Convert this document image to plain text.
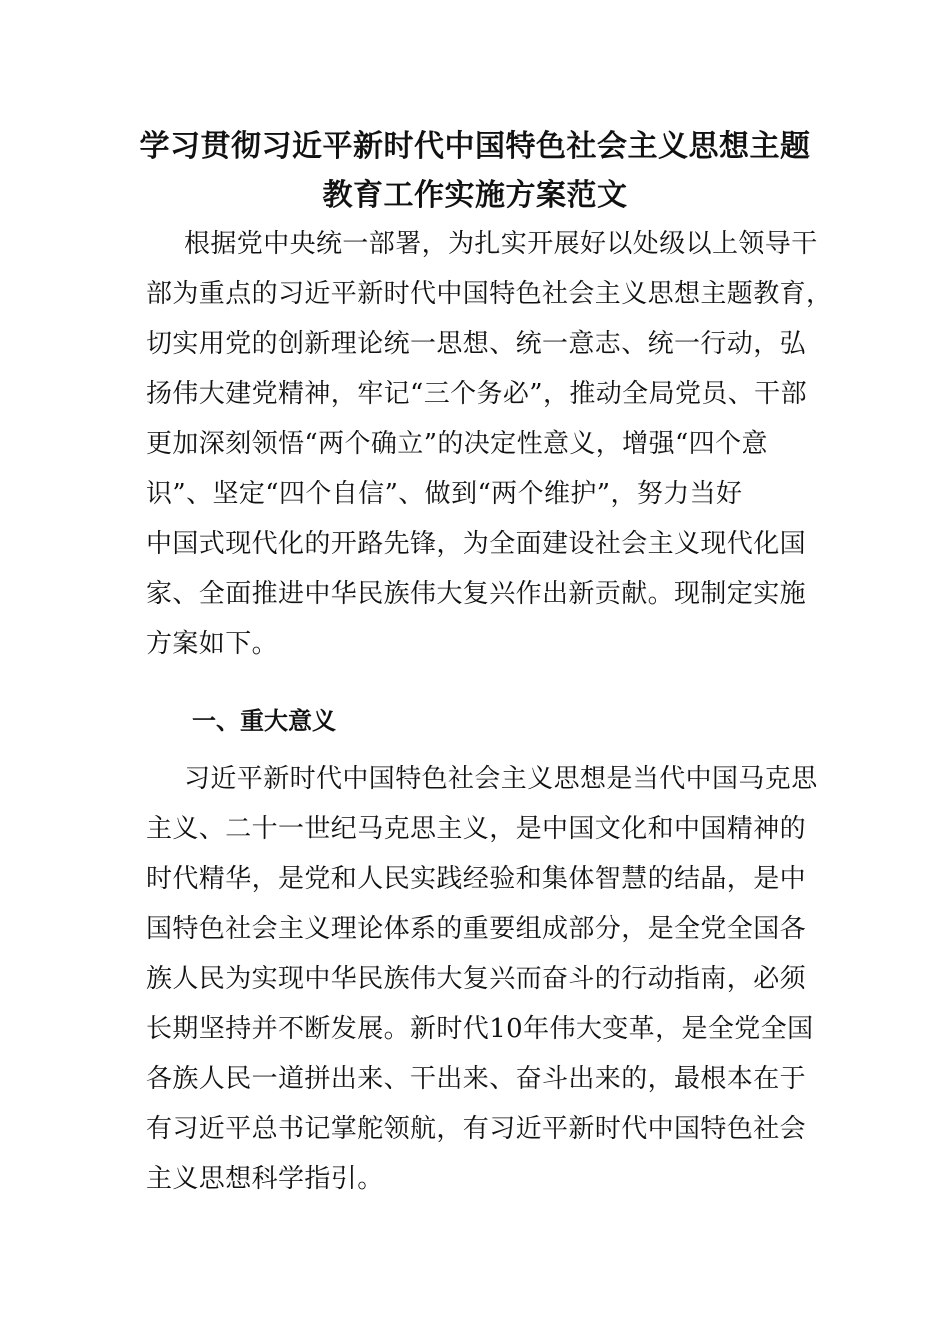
学习贯彻习近平新时代中国特色社会主义思想主题
教育工作实施方案范文
根据党中央统一部署，为扎实开展好以处级以上领导干
部为重点的习近平新时代中国特色社会主义思想主题教育，
切实用党的创新理论统一思想、统一意志、统一行动，弘
扬伟大建党精神，牢记“三个务必”，推动全局党员、干部
更加深刻领悟“两个确立”的决定性意义，增强“四个意
识”、坚定“四个自信”、做到“两个维护”，努力当好
中国式现代化的开路先锋，为全面建设社会主义现代化国
家、全面推进中华民族伟大复兴作出新贡献。现制定实施
方案如下。
一、重大意义
习近平新时代中国特色社会主义思想是当代中国马克思
主义、二十一世纪马克思主义，是中国文化和中国精神的
时代精华，是党和人民实践经验和集体智慧的结晶，是中
国特色社会主义理论体系的重要组成部分，是全党全国各
族人民为实现中华民族伟大复兴而奋斗的行动指南，必须
长期坚持并不断发展。新时代10年伟大变革，是全党全国
各族人民一道拼出来、干出来、奋斗出来的，最根本在于
有习近平总书记掌舵领航，有习近平新时代中国特色社会
主义思想科学指引。
